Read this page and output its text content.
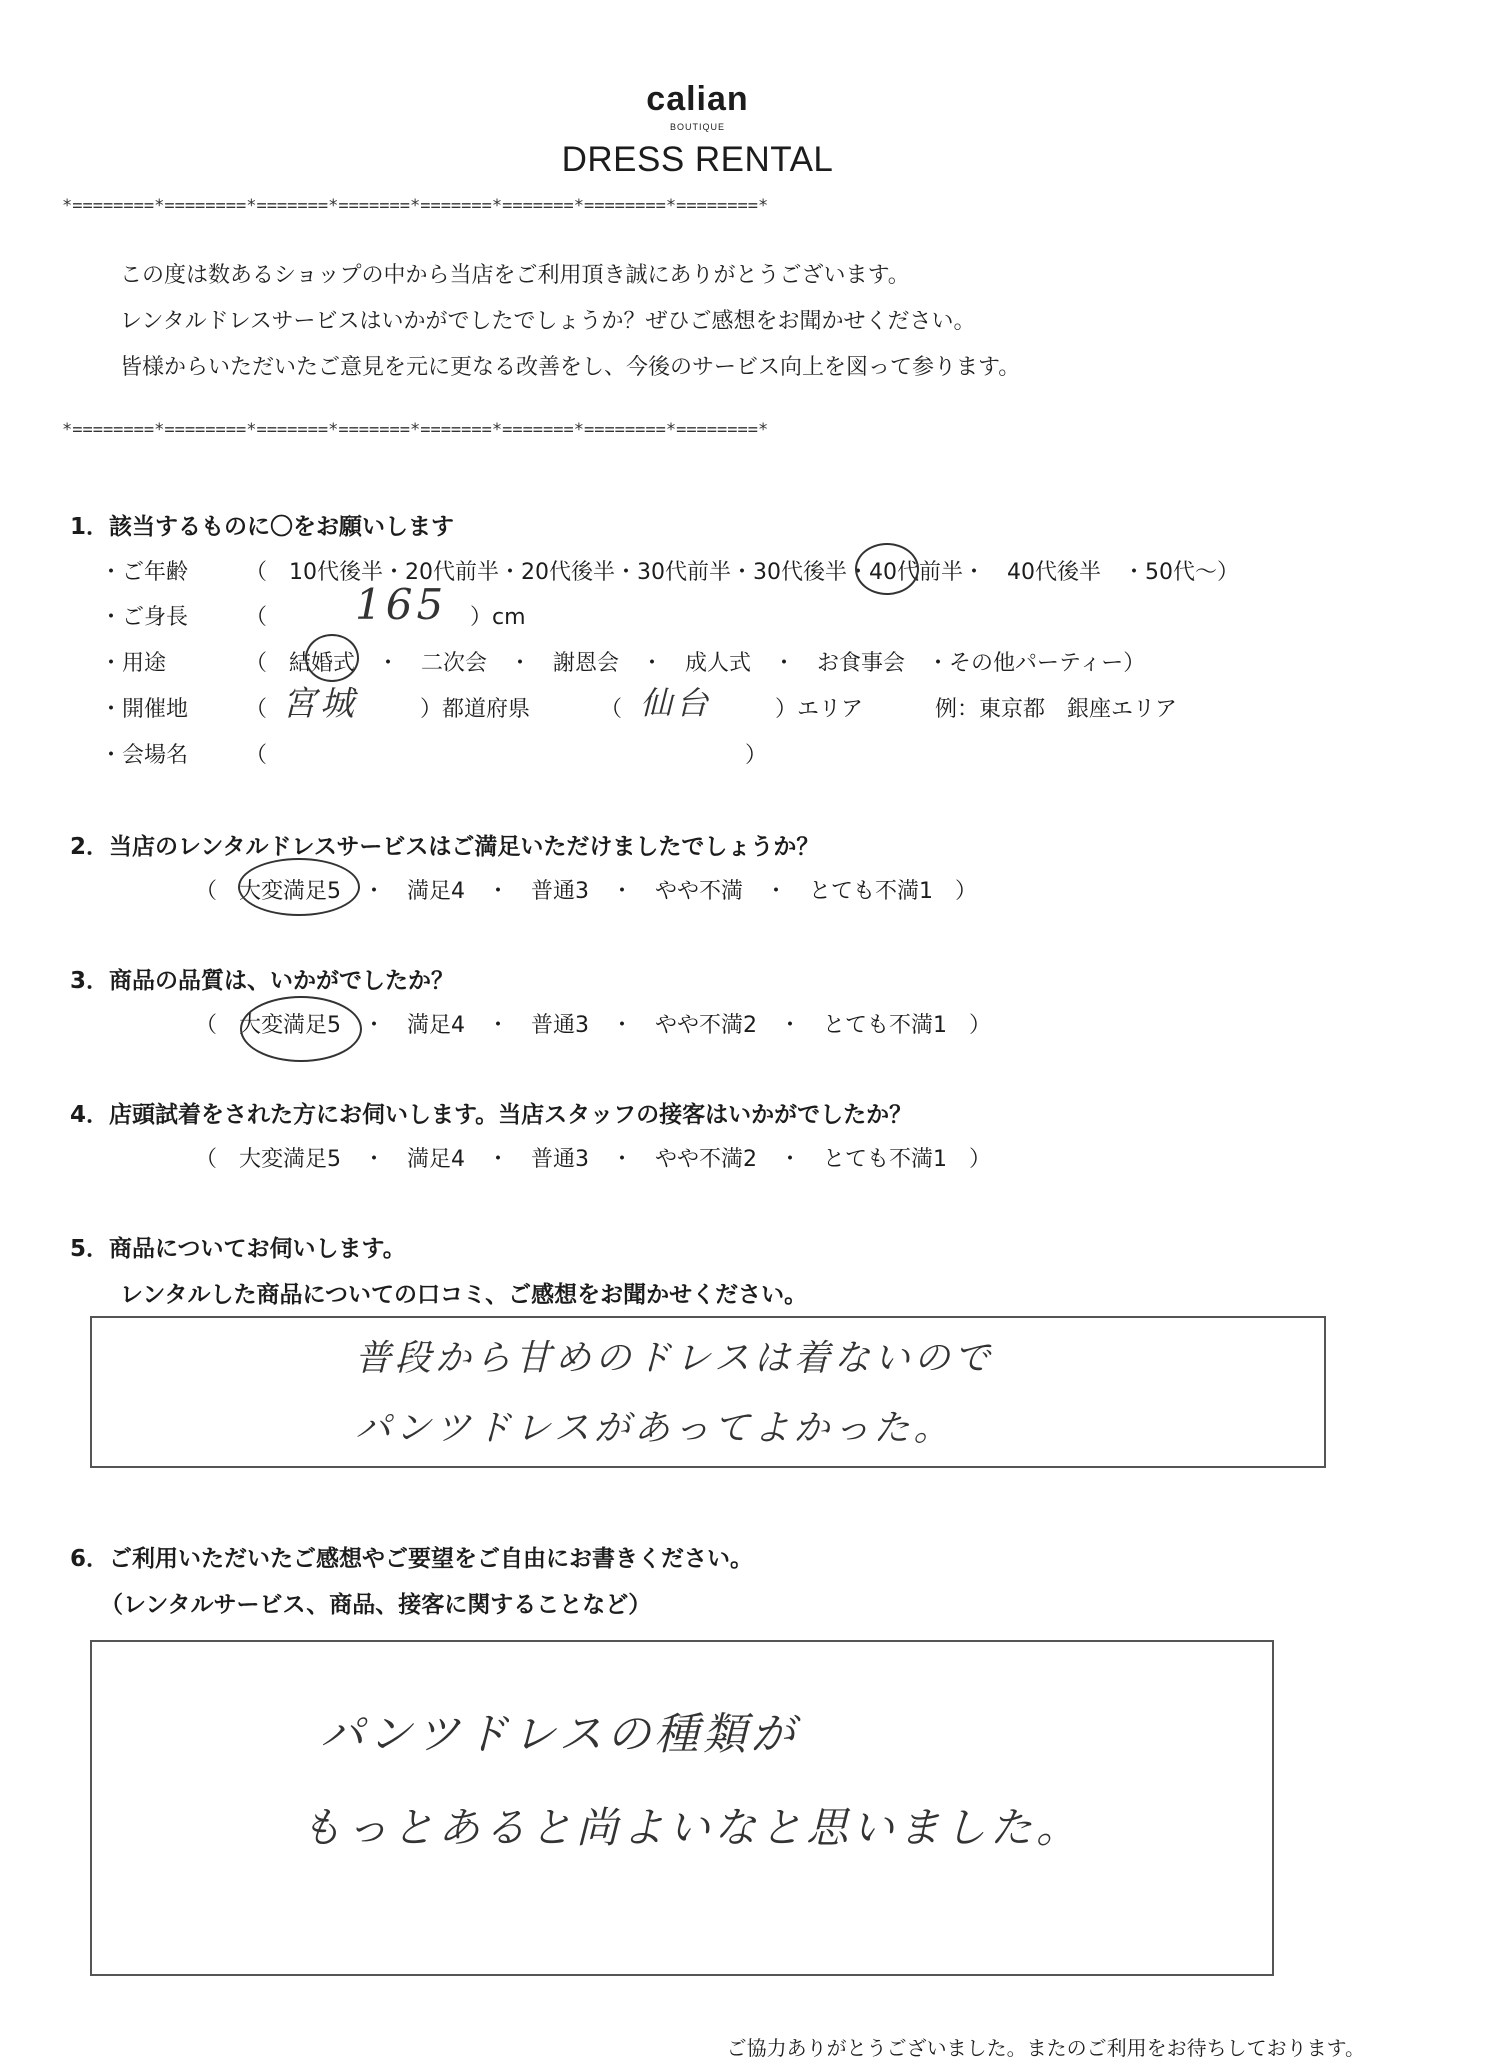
calian
BOUTIQUE
DRESS RENTAL
*========*========*=======*=======*=======*=======*========*========*
この度は数あるショップの中から当店をご利用頂き誠にありがとうございます。
レンタルドレスサービスはいかがでしたでしょうか？ぜひご感想をお聞かせください。
皆様からいただいたご意見を元に更なる改善をし、今後のサービス向上を図って参ります。
*========*========*=======*=======*=======*=======*========*========*
1．該当するものに〇をお願いします
・ご年齢	（　10代後半・20代前半・20代後半・30代前半・30代後半・40代前半・　40代後半　・50代〜）
・ご身長	（ 165 ）cm
・用途	（　結婚式　・　二次会　・　謝恩会　・　成人式　・　お食事会　・その他パーティー）
・開催地	（ 宮城	）都道府県	（ 仙台	）エリア	例：東京都　銀座エリア
・会場名	（	）
2．当店のレンタルドレスサービスはご満足いただけましたでしょうか？
（　大変満足5　・　満足4　・　普通3　・　やや不満　・　とても不満1　）
3．商品の品質は、いかがでしたか？
（　大変満足5　・　満足4　・　普通3　・　やや不満2　・　とても不満1　）
4．店頭試着をされた方にお伺いします。当店スタッフの接客はいかがでしたか？
（　大変満足5　・　満足4　・　普通3　・　やや不満2　・　とても不満1　）
5．商品についてお伺いします。
レンタルした商品についての口コミ、ご感想をお聞かせください。
普段から甘めのドレスは着ないので
パンツドレスがあってよかった。
6．ご利用いただいたご感想やご要望をご自由にお書きください。
（レンタルサービス、商品、接客に関することなど）
パンツドレスの種類が
もっとあると尚よいなと思いました。
ご協力ありがとうございました。またのご利用をお待ちしております。
